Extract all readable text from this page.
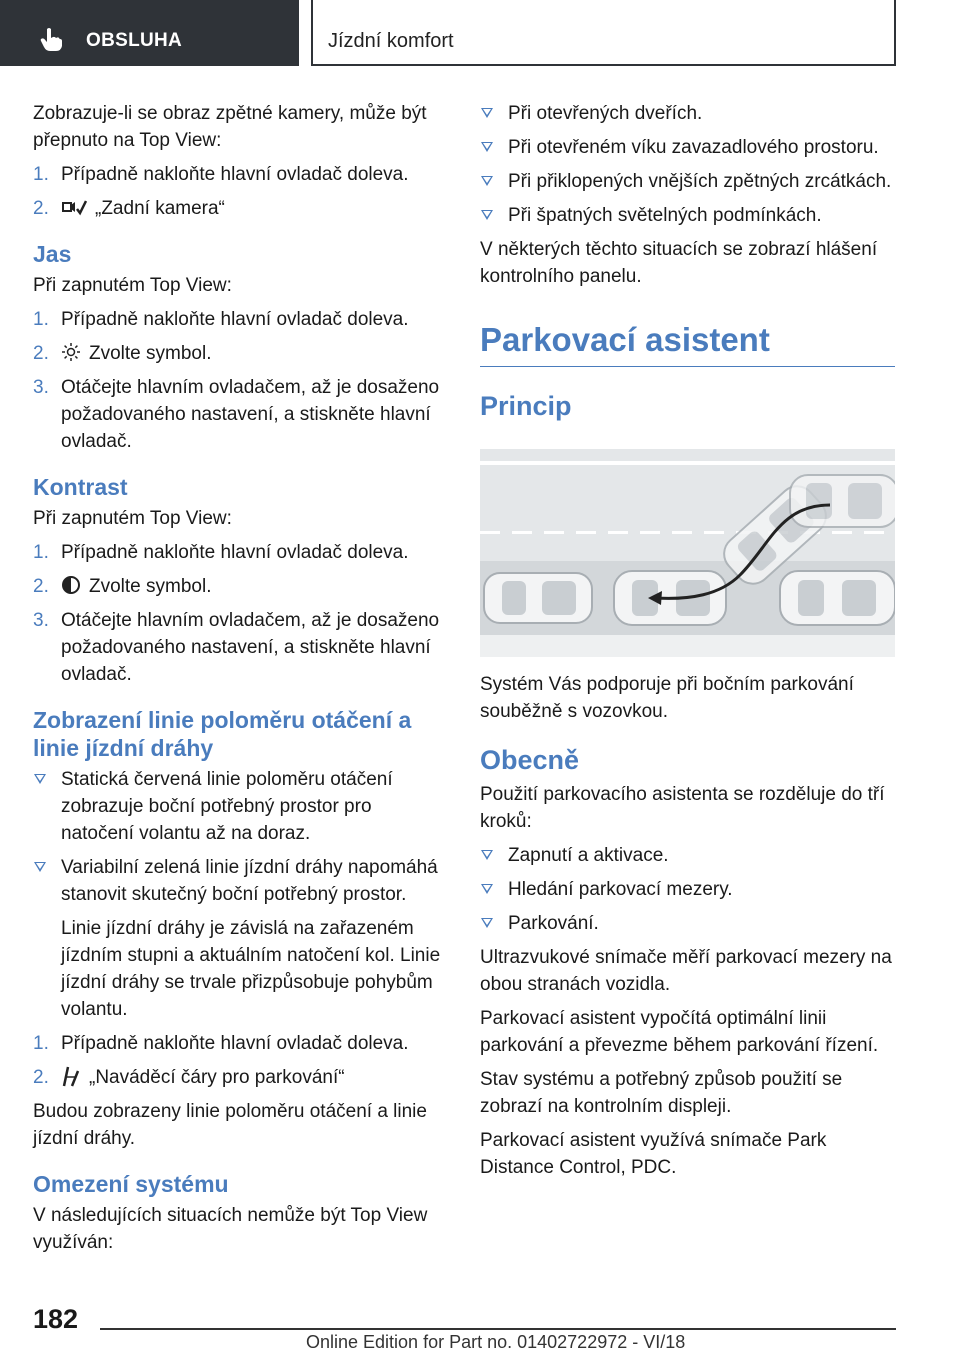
OBSLUHA	Jízdní komfort

Zobrazuje-li se obraz zpětné kamery, může být přepnuto na Top View:

1. Případně nakloňte hlavní ovladač doleva.
2. „Zadní kamera“
Jas

Při zapnutém Top View:

1. Případně nakloňte hlavní ovladač doleva.
2. Zvolte symbol.
3. Otáčejte hlavním ovladačem, až je dosaženo požadovaného nastavení, a stiskněte hlavní ovladač.
Kontrast

Při zapnutém Top View:

1. Případně nakloňte hlavní ovladač doleva.
2. Zvolte symbol.
3. Otáčejte hlavním ovladačem, až je dosaženo požadovaného nastavení, a stiskněte hlavní ovladač.
Zobrazení linie poloměru otáčení a linie jízdní dráhy
Statická červená linie poloměru otáčení zobrazuje boční potřebný prostor pro natočení volantu až na doraz.
Variabilní zelená linie jízdní dráhy napomáhá stanovit skutečný boční potřebný prostor.

Linie jízdní dráhy je závislá na zařazeném jízdním stupni a aktuálním natočení kol. Linie jízdní dráhy se trvale přizpůsobuje pohybům volantu.

1. Případně nakloňte hlavní ovladač doleva.
2. „Naváděcí čáry pro parkování“

Budou zobrazeny linie poloměru otáčení a linie jízdní dráhy.

Omezení systému

V následujících situacích nemůže být Top View využíván:

Při otevřených dveřích.
Při otevřeném víku zavazadlového prostoru.
Při přiklopených vnějších zpětných zrcátkách.
Při špatných světelných podmínkách.

V některých těchto situacích se zobrazí hlášení kontrolního panelu.

Parkovací asistent
Princip

Systém Vás podporuje při bočním parkování souběžně s vozovkou.

Obecně

Použití parkovacího asistenta se rozděluje do tří kroků:

Zapnutí a aktivace.
Hledání parkovací mezery.
Parkování.

Ultrazvukové snímače měří parkovací mezery na obou stranách vozidla.

Parkovací asistent vypočítá optimální linii parkování a převezme během parkování řízení.

Stav systému a potřebný způsob použití se zobrazí na kontrolním displeji.

Parkovací asistent využívá snímače Park Distance Control, PDC.

182
Online Edition for Part no. 01402722972 - VI/18
